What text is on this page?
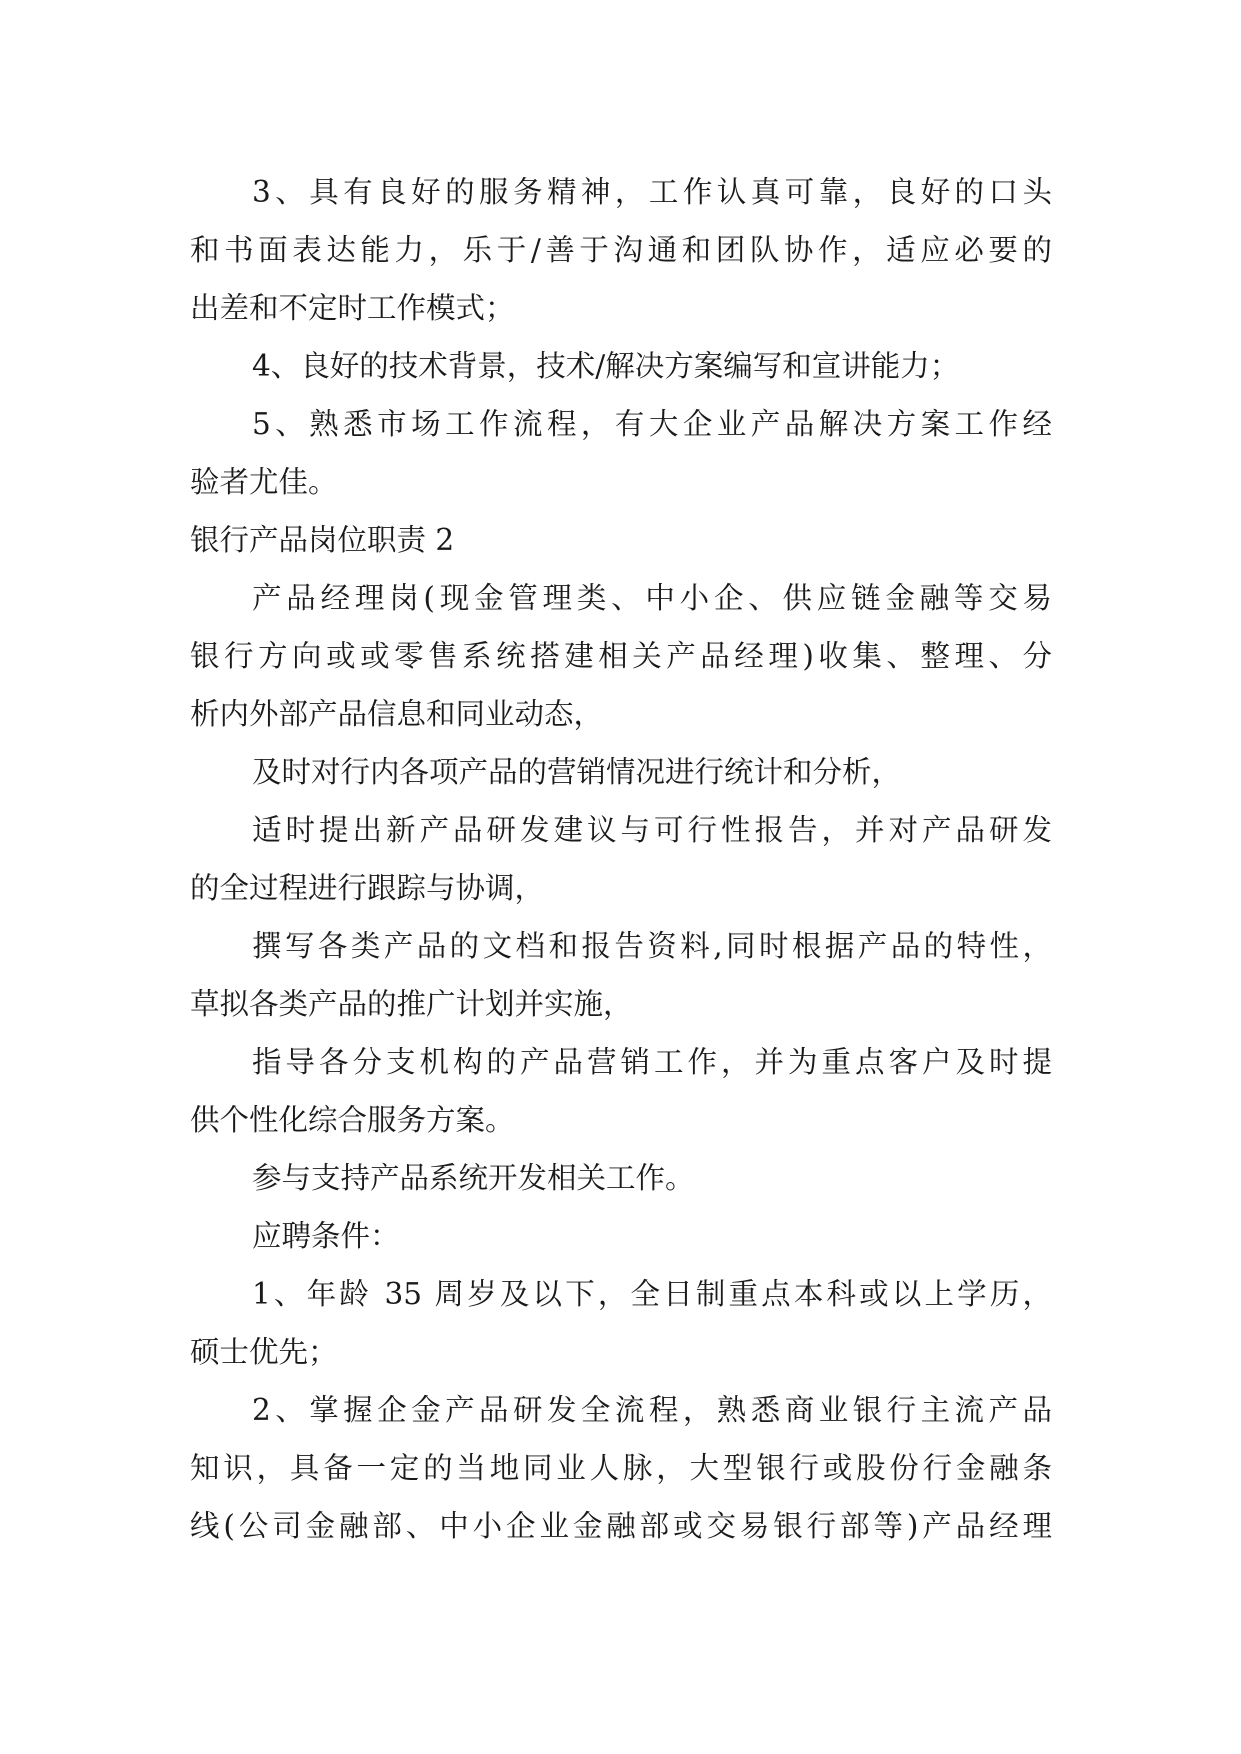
3、具有良好的服务精神，工作认真可靠，良好的口头
和书面表达能力，乐于/善于沟通和团队协作，适应必要的
出差和不定时工作模式；
4、良好的技术背景，技术/解决方案编写和宣讲能力；
5、熟悉市场工作流程，有大企业产品解决方案工作经
验者尤佳。
银行产品岗位职责 2
产品经理岗(现金管理类、中小企、供应链金融等交易
银行方向或或零售系统搭建相关产品经理)收集、整理、分
析内外部产品信息和同业动态，
及时对行内各项产品的营销情况进行统计和分析，
适时提出新产品研发建议与可行性报告，并对产品研发
的全过程进行跟踪与协调，
撰写各类产品的文档和报告资料,同时根据产品的特性，
草拟各类产品的推广计划并实施，
指导各分支机构的产品营销工作，并为重点客户及时提
供个性化综合服务方案。
参与支持产品系统开发相关工作。
应聘条件：
1、年龄 35 周岁及以下，全日制重点本科或以上学历，
硕士优先；
2、掌握企金产品研发全流程，熟悉商业银行主流产品
知识，具备一定的当地同业人脉，大型银行或股份行金融条
线(公司金融部、中小企业金融部或交易银行部等)产品经理
